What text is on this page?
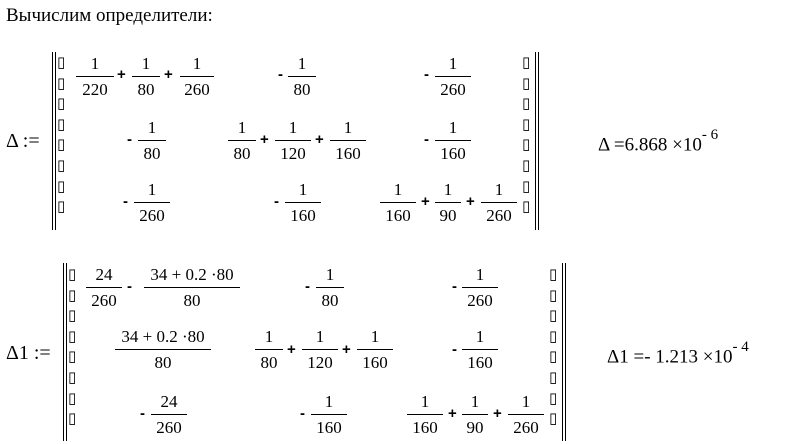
Вычислим определители:
Δ :=
▯
▯
▯
▯
▯
▯
▯
▯
▯
▯
▯
▯
▯
▯
▯
▯
1
220
+
1
80
+
1
260
-
1
80
-
1
260
-
1
80
1
80
+
1
120
+
1
160
-
1
160
-
1
260
-
1
160
1
160
+
1
90
+
1
260
$\Delta =6.868 \times 10^{- 6}$
Δ1 :=
▯
▯
▯
▯
▯
▯
▯
▯
▯
▯
▯
▯
▯
▯
▯
▯
24
260
-
34 + 0.2 ·80
80
-
1
80
-
1
260
34 + 0.2 ·80
80
1
80
+
1
120
+
1
160
-
1
160
-
24
260
-
1
160
1
160
+
1
90
+
1
260
$\Delta 1 =- 1.213 \times 10^{- 4}$
